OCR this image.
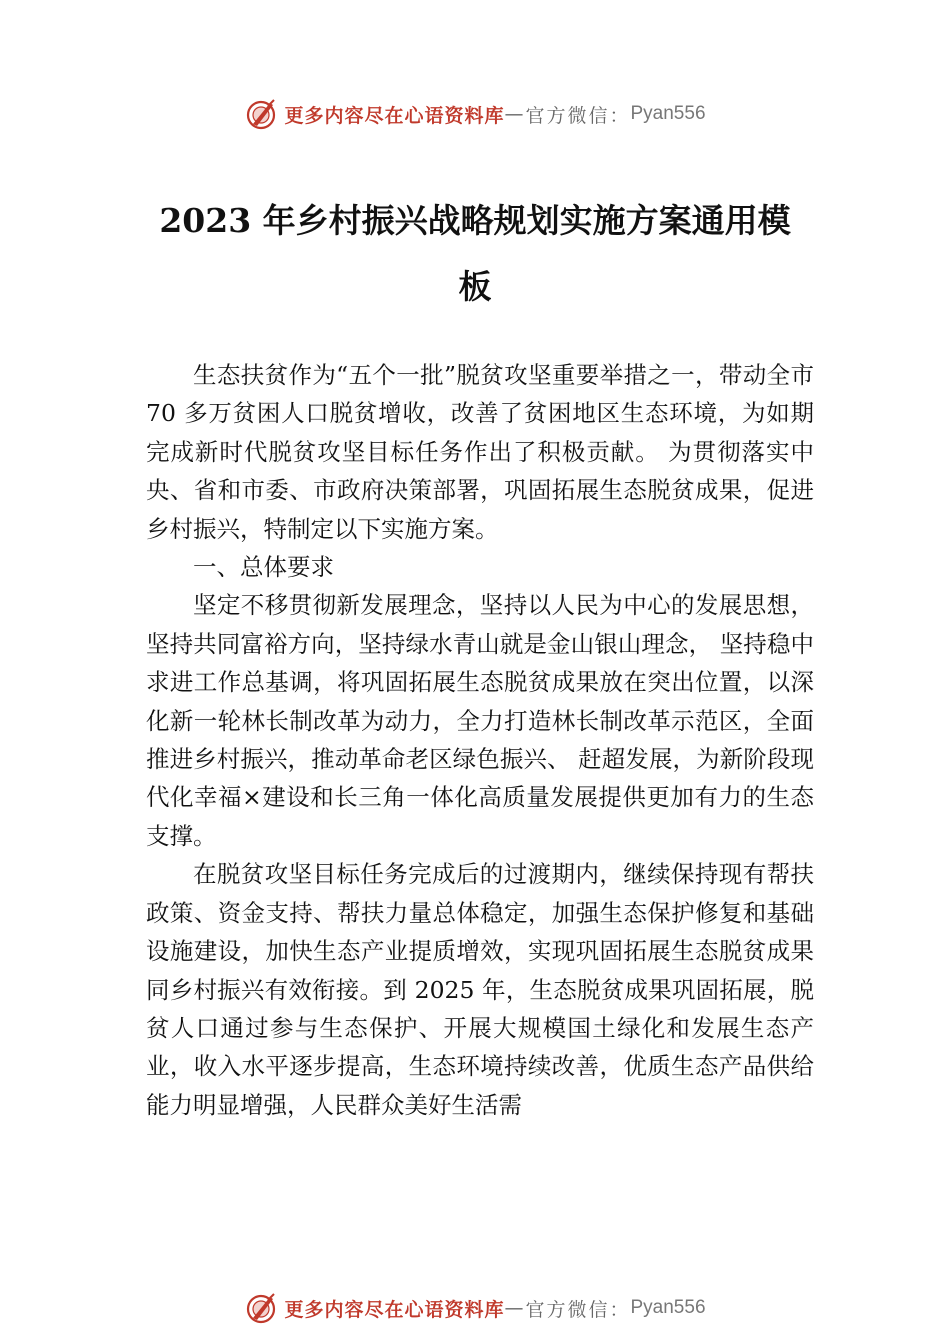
更多内容尽在心语资料库 — 官方微信： Pyan556
2023 年乡村振兴战略规划实施方案通用模
板

生态扶贫作为“五个一批”脱贫攻坚重要举措之一，带动全市 70 多万贫困人口脱贫增收，改善了贫困地区生态环境，为如期完成新时代脱贫攻坚目标任务作出了积极贡献。 为贯彻落实中央、省和市委、市政府决策部署，巩固拓展生态脱贫成果，促进乡村振兴，特制定以下实施方案。

一、总体要求

坚定不移贯彻新发展理念，坚持以人民为中心的发展思想，坚持共同富裕方向，坚持绿水青山就是金山银山理念， 坚持稳中求进工作总基调，将巩固拓展生态脱贫成果放在突出位置，以深化新一轮林长制改革为动力，全力打造林长制改革示范区，全面推进乡村振兴，推动革命老区绿色振兴、 赶超发展，为新阶段现代化幸福×建设和长三角一体化高质量发展提供更加有力的生态支撑。

在脱贫攻坚目标任务完成后的过渡期内，继续保持现有帮扶政策、资金支持、帮扶力量总体稳定，加强生态保护修复和基础设施建设，加快生态产业提质增效，实现巩固拓展生态脱贫成果同乡村振兴有效衔接。到 2025 年，生态脱贫成果巩固拓展，脱贫人口通过参与生态保护、开展大规模国土绿化和发展生态产业，收入水平逐步提高，生态环境持续改善，优质生态产品供给能力明显增强，人民群众美好生活需

更多内容尽在心语资料库 — 官方微信： Pyan556
